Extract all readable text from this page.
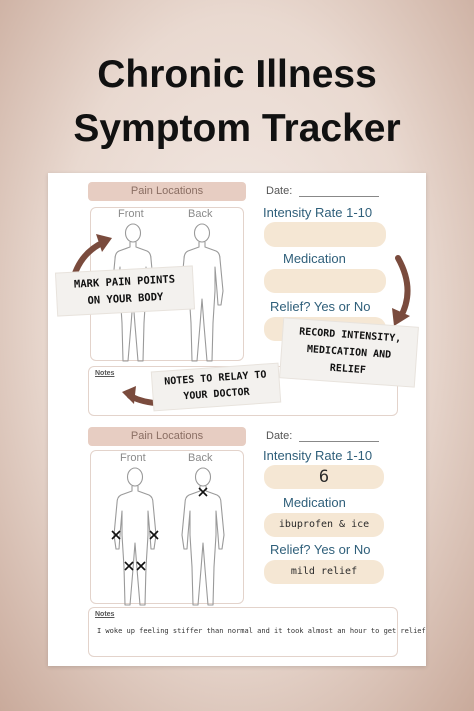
Chronic Illness
Symptom Tracker
Pain Locations
Front	Back
Date:
Intensity Rate 1-10
Medication
Relief? Yes or No
Notes
Pain Locations
Front	Back
Date:
Intensity Rate 1-10
6
Medication
ibuprofen & ice
Relief? Yes or No
mild relief
Notes
I woke up feeling stiffer than normal and it took almost an hour to get relief
MARK PAIN POINTS
ON YOUR BODY
NOTES TO RELAY TO
YOUR DOCTOR
RECORD INTENSITY,
MEDICATION AND
RELIEF
